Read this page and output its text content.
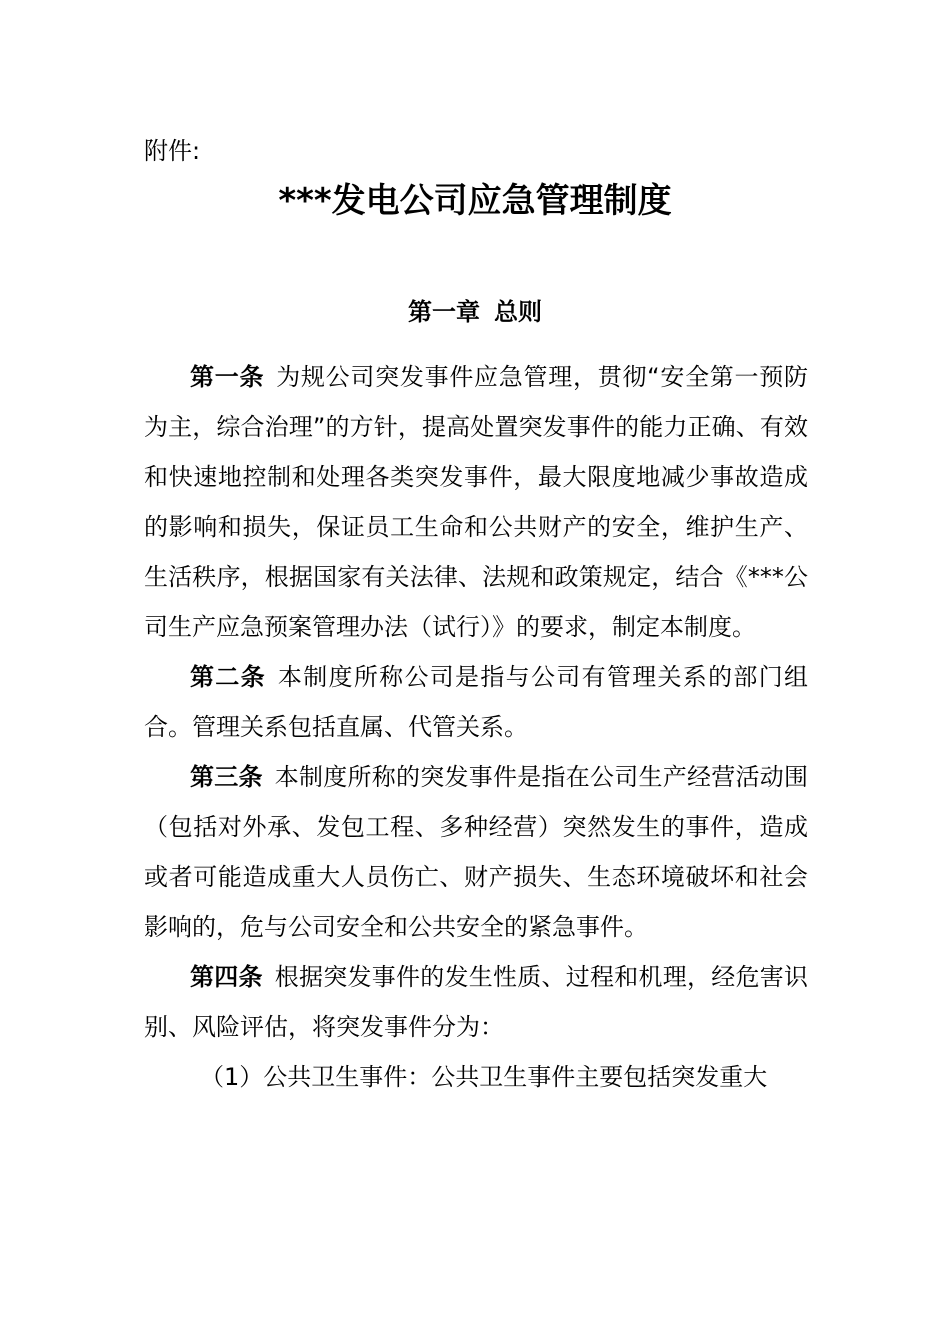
附件:

***发电公司应急管理制度
第一章 总则

第一条 为规公司突发事件应急管理，贯彻“安全第一预防为主，综合治理”的方针，提高处置突发事件的能力正确、有效和快速地控制和处理各类突发事件，最大限度地减少事故造成的影响和损失，保证员工生命和公共财产的安全，维护生产、生活秩序，根据国家有关法律、法规和政策规定，结合《***公司生产应急预案管理办法（试行）》的要求，制定本制度。

第二条 本制度所称公司是指与公司有管理关系的部门组合。管理关系包括直属、代管关系。

第三条 本制度所称的突发事件是指在公司生产经营活动围（包括对外承、发包工程、多种经营）突然发生的事件，造成或者可能造成重大人员伤亡、财产损失、生态环境破坏和社会影响的，危与公司安全和公共安全的紧急事件。

第四条 根据突发事件的发生性质、过程和机理，经危害识别、风险评估，将突发事件分为：

（1）公共卫生事件：公共卫生事件主要包括突发重大
